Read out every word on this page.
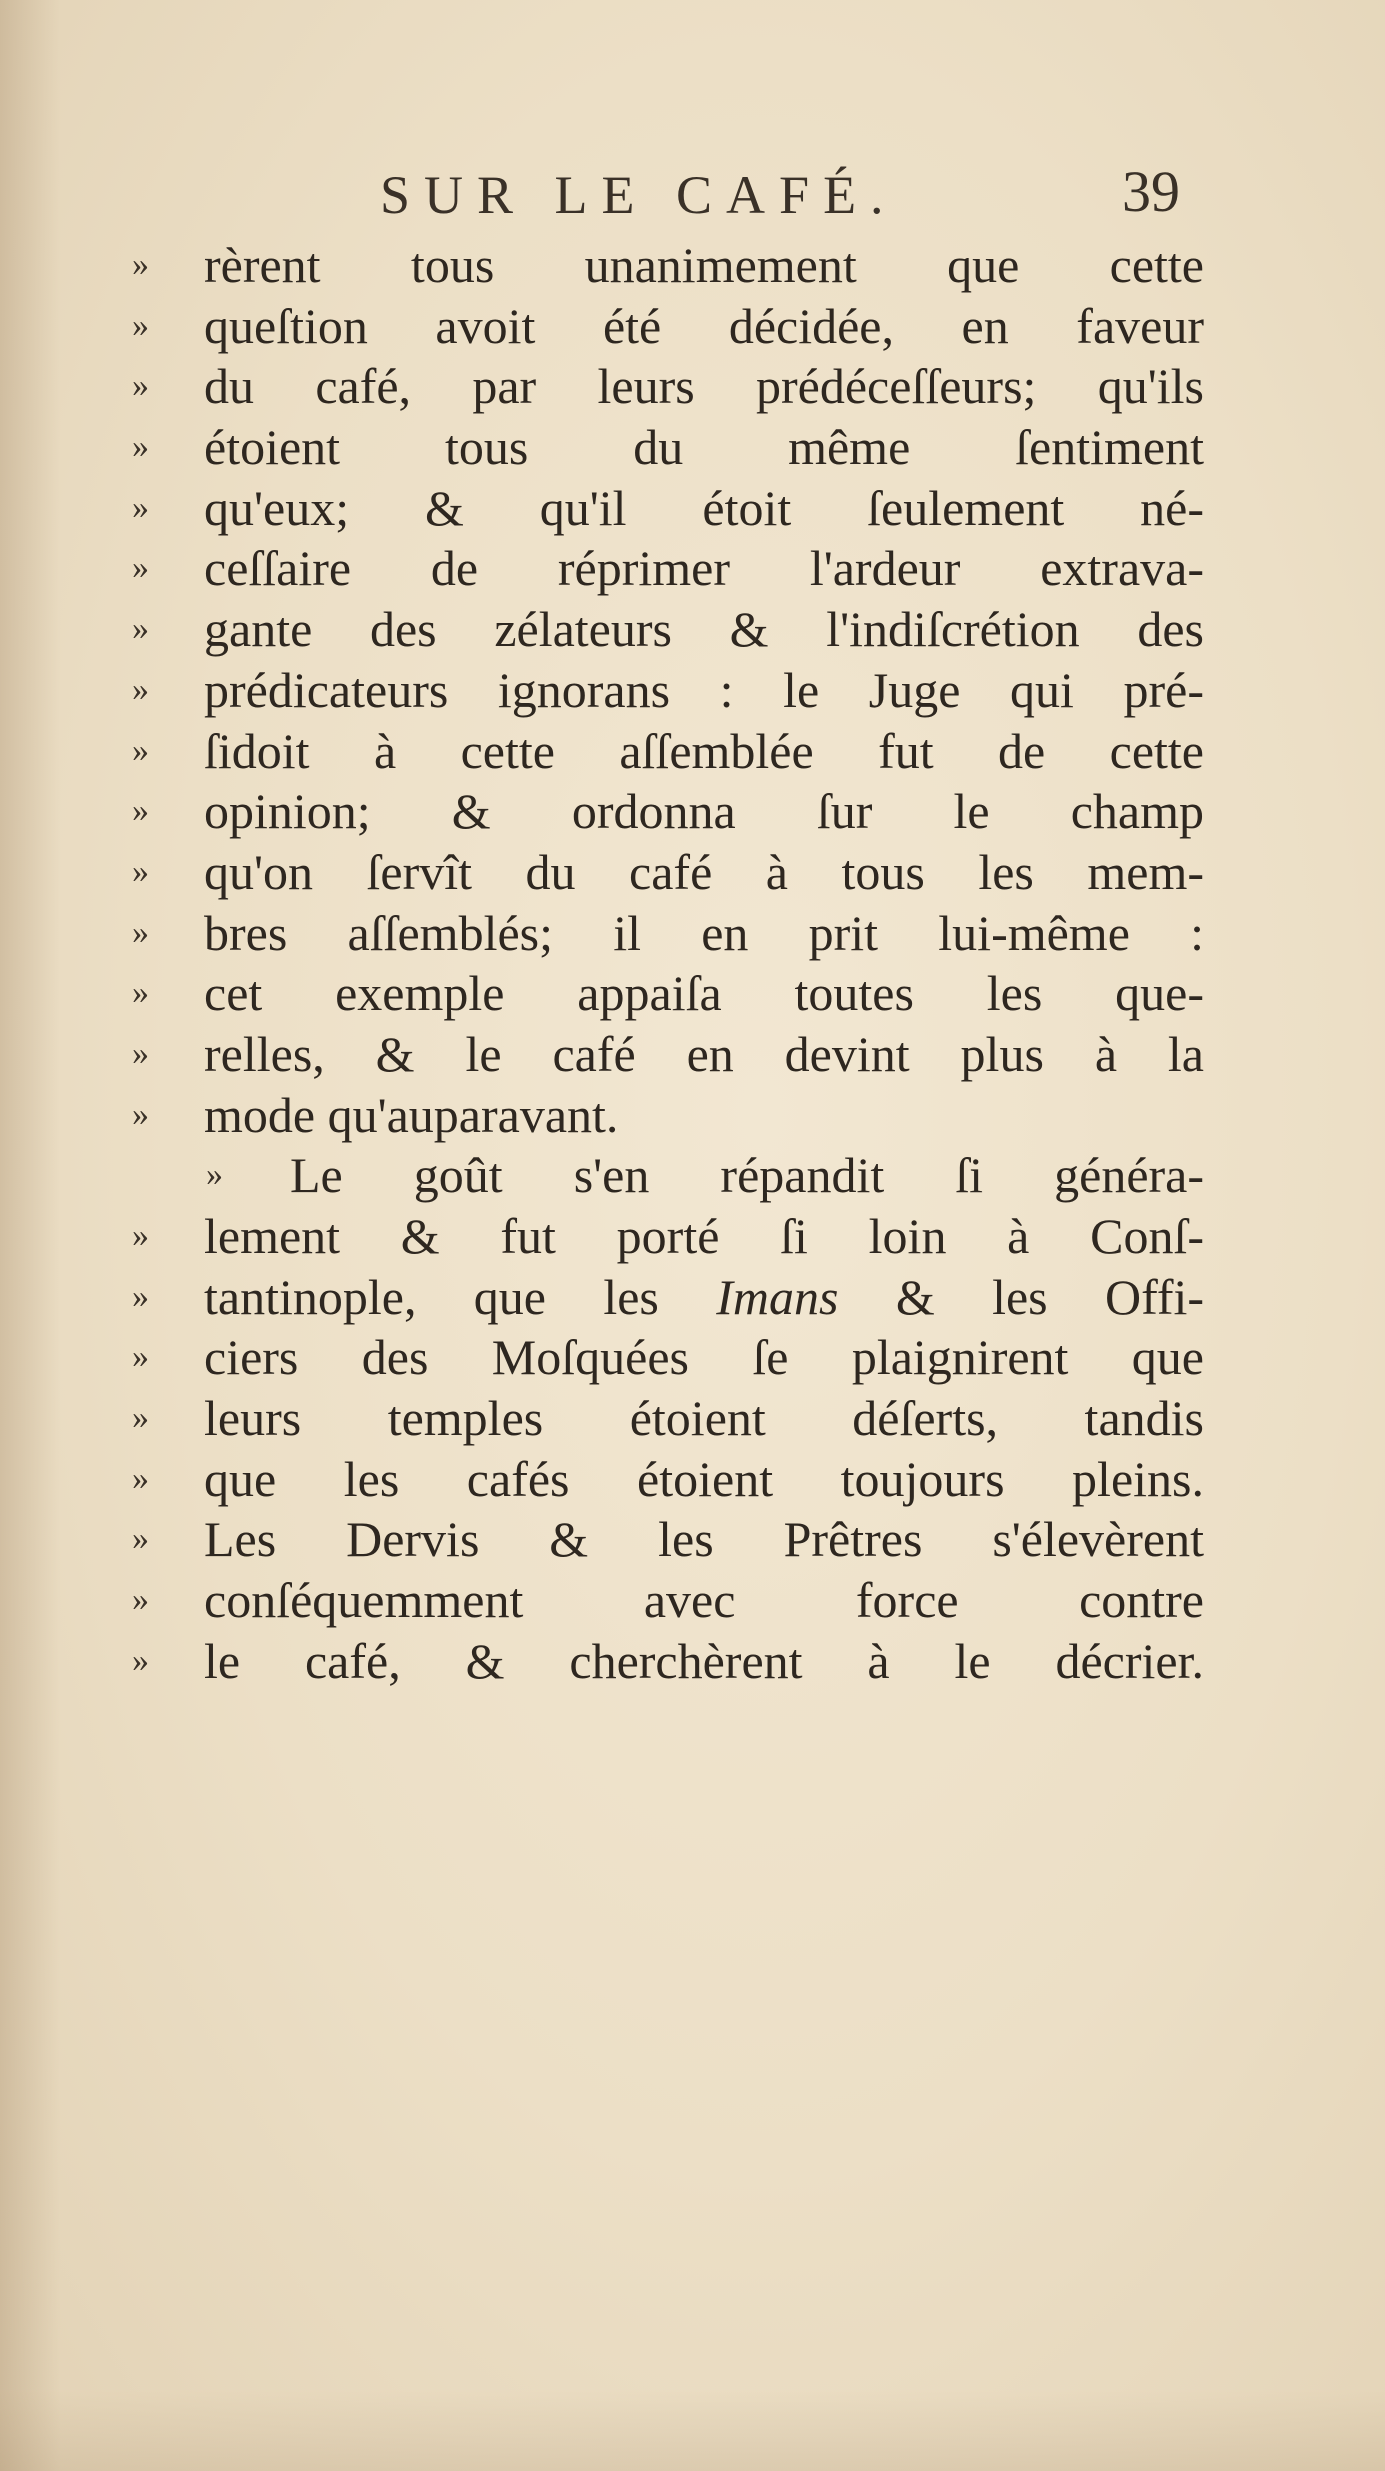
SUR LE CAFÉ.	39
»	rèrent tous unanimement que cette
»	queſtion avoit été décidée, en faveur
»	du café, par leurs prédéceſſeurs; qu'ils
»	étoient tous du même ſentiment
»	qu'eux; & qu'il étoit ſeulement né-
»	ceſſaire de réprimer l'ardeur extrava-
»	gante des zélateurs & l'indiſcrétion des
»	prédicateurs ignorans : le Juge qui pré-
»	ſidoit à cette aſſemblée fut de cette
»	opinion; & ordonna ſur le champ
»	qu'on ſervît du café à tous les mem-
»	bres aſſemblés; il en prit lui-même :
»	cet exemple appaiſa toutes les que-
»	relles, & le café en devint plus à la
»	mode qu'auparavant.
»	Le goût s'en répandit ſi généra-
»	lement & fut porté ſi loin à Conſ-
»	tantinople, que les Imans & les Offi-
»	ciers des Moſquées ſe plaignirent que
»	leurs temples étoient déſerts, tandis
»	que les cafés étoient toujours pleins.
»	Les Dervis & les Prêtres s'élevèrent
»	conſéquemment avec force contre
»	le café, & cherchèrent à le décrier.
